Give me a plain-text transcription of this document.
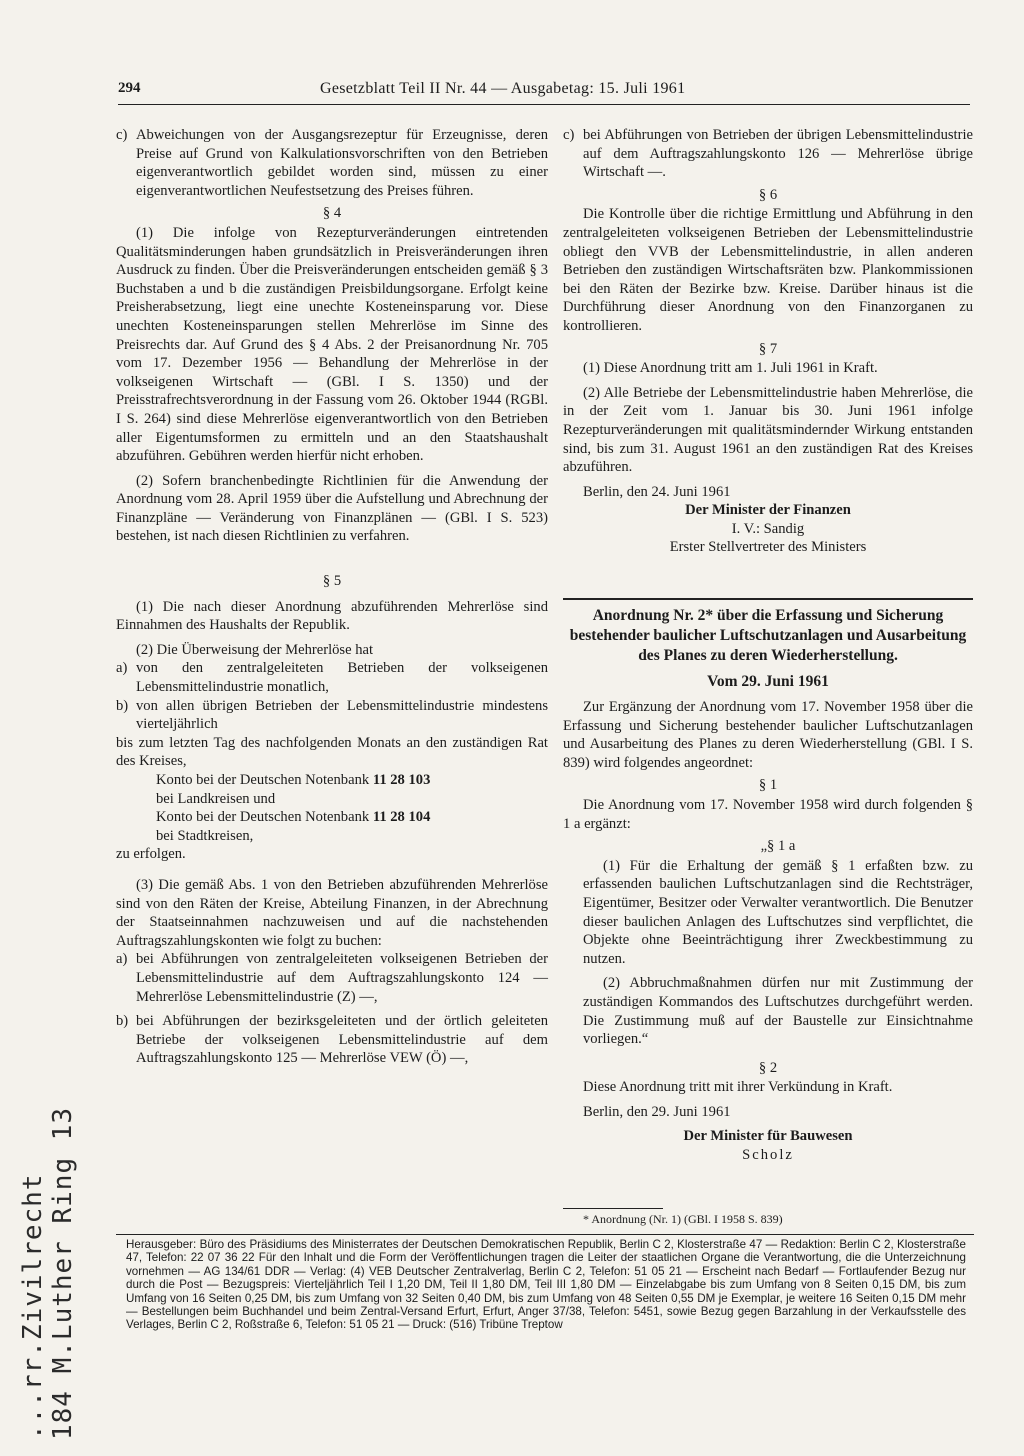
294	Gesetzblatt Teil II Nr. 44 — Ausgabetag: 15. Juli 1961
c) Abweichungen von der Ausgangsrezeptur für Erzeugnisse, deren Preise auf Grund von Kalkulationsvorschriften von den Betrieben eigenverantwortlich gebildet worden sind, müssen zu einer eigenverantwortlichen Neufestsetzung des Preises führen.
§ 4

(1) Die infolge von Rezepturveränderungen eintretenden Qualitätsminderungen haben grundsätzlich in Preisveränderungen ihren Ausdruck zu finden. Über die Preisveränderungen entscheiden gemäß § 3 Buchstaben a und b die zuständigen Preisbildungsorgane. Erfolgt keine Preisherabsetzung, liegt eine unechte Kosteneinsparung vor. Diese unechten Kosteneinsparungen stellen Mehrerlöse im Sinne des Preisrechts dar. Auf Grund des § 4 Abs. 2 der Preisanordnung Nr. 705 vom 17. Dezember 1956 — Behandlung der Mehrerlöse in der volkseigenen Wirtschaft — (GBl. I S. 1350) und der Preisstrafrechtsverordnung in der Fassung vom 26. Oktober 1944 (RGBl. I S. 264) sind diese Mehrerlöse eigenverantwortlich von den Betrieben aller Eigentumsformen zu ermitteln und an den Staatshaushalt abzuführen. Gebühren werden hierfür nicht erhoben.

(2) Sofern branchenbedingte Richtlinien für die Anwendung der Anordnung vom 28. April 1959 über die Aufstellung und Abrechnung der Finanzpläne — Veränderung von Finanzplänen — (GBl. I S. 523) bestehen, ist nach diesen Richtlinien zu verfahren.

§ 5

(1) Die nach dieser Anordnung abzuführenden Mehrerlöse sind Einnahmen des Haushalts der Republik.

(2) Die Überweisung der Mehrerlöse hat

a) von den zentralgeleiteten Betrieben der volkseigenen Lebensmittelindustrie monatlich,
b) von allen übrigen Betrieben der Lebensmittelindustrie mindestens vierteljährlich

bis zum letzten Tag des nachfolgenden Monats an den zuständigen Rat des Kreises,

Konto bei der Deutschen Notenbank 11 28 103
bei Landkreisen und
Konto bei der Deutschen Notenbank 11 28 104
bei Stadtkreisen,

zu erfolgen.

(3) Die gemäß Abs. 1 von den Betrieben abzuführenden Mehrerlöse sind von den Räten der Kreise, Abteilung Finanzen, in der Abrechnung der Staatseinnahmen nachzuweisen und auf die nachstehenden Auftragszahlungskonten wie folgt zu buchen:

a) bei Abführungen von zentralgeleiteten volkseigenen Betrieben der Lebensmittelindustrie auf dem Auftragszahlungskonto 124 — Mehrerlöse Lebensmittelindustrie (Z) —,
b) bei Abführungen der bezirksgeleiteten und der örtlich geleiteten Betriebe der volkseigenen Lebensmittelindustrie auf dem Auftragszahlungskonto 125 — Mehrerlöse VEW (Ö) —,
c) bei Abführungen von Betrieben der übrigen Lebensmittelindustrie auf dem Auftragszahlungskonto 126 — Mehrerlöse übrige Wirtschaft —.
§ 6

Die Kontrolle über die richtige Ermittlung und Abführung in den zentralgeleiteten volkseigenen Betrieben der Lebensmittelindustrie obliegt den VVB der Lebensmittelindustrie, in allen anderen Betrieben den zuständigen Wirtschaftsräten bzw. Plankommissionen bei den Räten der Bezirke bzw. Kreise. Darüber hinaus ist die Durchführung dieser Anordnung von den Finanzorganen zu kontrollieren.

§ 7

(1) Diese Anordnung tritt am 1. Juli 1961 in Kraft.

(2) Alle Betriebe der Lebensmittelindustrie haben Mehrerlöse, die in der Zeit vom 1. Januar bis 30. Juni 1961 infolge Rezepturveränderungen mit qualitätsmindernder Wirkung entstanden sind, bis zum 31. August 1961 an den zuständigen Rat des Kreises abzuführen.

Berlin, den 24. Juni 1961

Der Minister der Finanzen
I. V.: Sandig
Erster Stellvertreter des Ministers
Anordnung Nr. 2* über die Erfassung und Sicherung bestehender baulicher Luftschutzanlagen und Ausarbeitung des Planes zu deren Wiederherstellung.
Vom 29. Juni 1961

Zur Ergänzung der Anordnung vom 17. November 1958 über die Erfassung und Sicherung bestehender baulicher Luftschutzanlagen und Ausarbeitung des Planes zu deren Wiederherstellung (GBl. I S. 839) wird folgendes angeordnet:

§ 1

Die Anordnung vom 17. November 1958 wird durch folgenden § 1 a ergänzt:

„§ 1 a

(1) Für die Erhaltung der gemäß § 1 erfaßten bzw. zu erfassenden baulichen Luftschutzanlagen sind die Rechtsträger, Eigentümer, Besitzer oder Verwalter verantwortlich. Die Benutzer dieser baulichen Anlagen des Luftschutzes sind verpflichtet, die Objekte ohne Beeinträchtigung ihrer Zweckbestimmung zu nutzen.

(2) Abbruchmaßnahmen dürfen nur mit Zustimmung der zuständigen Kommandos des Luftschutzes durchgeführt werden. Die Zustimmung muß auf der Baustelle zur Einsichtnahme vorliegen.“

§ 2

Diese Anordnung tritt mit ihrer Verkündung in Kraft.

Berlin, den 29. Juni 1961

Der Minister für Bauwesen
Scholz
* Anordnung (Nr. 1) (GBl. I 1958 S. 839)
Herausgeber: Büro des Präsidiums des Ministerrates der Deutschen Demokratischen Republik, Berlin C 2, Klosterstraße 47 — Redaktion: Berlin C 2, Klosterstraße 47, Telefon: 22 07 36 22 Für den Inhalt und die Form der Veröffentlichungen tragen die Leiter der staatlichen Organe die Verantwortung, die die Unterzeichnung vornehmen — AG 134/61 DDR — Verlag: (4) VEB Deutscher Zentralverlag, Berlin C 2, Telefon: 51 05 21 — Erscheint nach Bedarf — Fortlaufender Bezug nur durch die Post — Bezugspreis: Vierteljährlich Teil I 1,20 DM, Teil II 1,80 DM, Teil III 1,80 DM — Einzelabgabe bis zum Umfang von 8 Seiten 0,15 DM, bis zum Umfang von 16 Seiten 0,25 DM, bis zum Umfang von 32 Seiten 0,40 DM, bis zum Umfang von 48 Seiten 0,55 DM je Exemplar, je weitere 16 Seiten 0,15 DM mehr — Bestellungen beim Buchhandel und beim Zentral-Versand Erfurt, Erfurt, Anger 37/38, Telefon: 5451, sowie Bezug gegen Barzahlung in der Verkaufsstelle des Verlages, Berlin C 2, Roßstraße 6, Telefon: 51 05 21 — Druck: (516) Tribüne Treptow
...rr.Zivilrecht 184 M.Luther Ring 13
